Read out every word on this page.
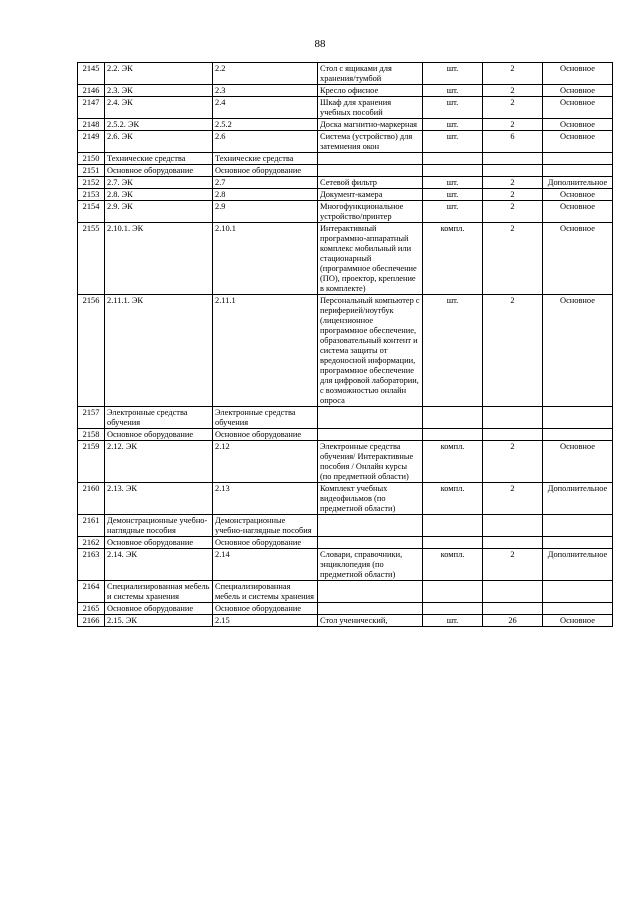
88
2145	2.2. ЭК	2.2	Стол с ящиками для хранения/тумбой	шт.	2	Основное
2146	2.3. ЭК	2.3	Кресло офисное	шт.	2	Основное
2147	2.4. ЭК	2.4	Шкаф для хранения учебных пособий	шт.	2	Основное
2148	2.5.2. ЭК	2.5.2	Доска магнитно-маркерная	шт.	2	Основное
2149	2.6. ЭК	2.6	Система (устройство) для затемнения окон	шт.	6	Основное
2150	Технические средства	Технические средства				
2151	Основное оборудование	Основное оборудование				
2152	2.7. ЭК	2.7	Сетевой фильтр	шт.	2	Дополнительное
2153	2.8. ЭК	2.8	Документ-камера	шт.	2	Основное
2154	2.9. ЭК	2.9	Многофункциональное устройство/принтер	шт.	2	Основное
2155	2.10.1. ЭК	2.10.1	Интерактивный программно-аппаратный комплекс мобильный или стационарный (программное обеспечение (ПО), проектор, крепление в комплекте)	компл.	2	Основное
2156	2.11.1. ЭК	2.11.1	Персональный компьютер с периферией/ноутбук (лицензионное программное обеспечение, образовательный контент и система защиты от вредоносной информации, программное обеспечение для цифровой лаборатории, с возможностью онлайн опроса	шт.	2	Основное
2157	Электронные средства обучения	Электронные средства обучения				
2158	Основное оборудование	Основное оборудование				
2159	2.12. ЭК	2.12	Электронные средства обучения/ Интерактивные пособия / Онлайн курсы (по предметной области)	компл.	2	Основное
2160	2.13. ЭК	2.13	Комплект учебных видеофильмов (по предметной области)	компл.	2	Дополнительное
2161	Демонстрационные учебно-наглядные пособия	Демонстрационные учебно-наглядные пособия				
2162	Основное оборудование	Основное оборудование				
2163	2.14. ЭК	2.14	Словари, справочники, энциклопедия (по предметной области)	компл.	2	Дополнительное
2164	Специализированная мебель и системы хранения	Специализированная мебель и системы хранения				
2165	Основное оборудование	Основное оборудование				
2166	2.15. ЭК	2.15	Стол ученический,	шт.	26	Основное
